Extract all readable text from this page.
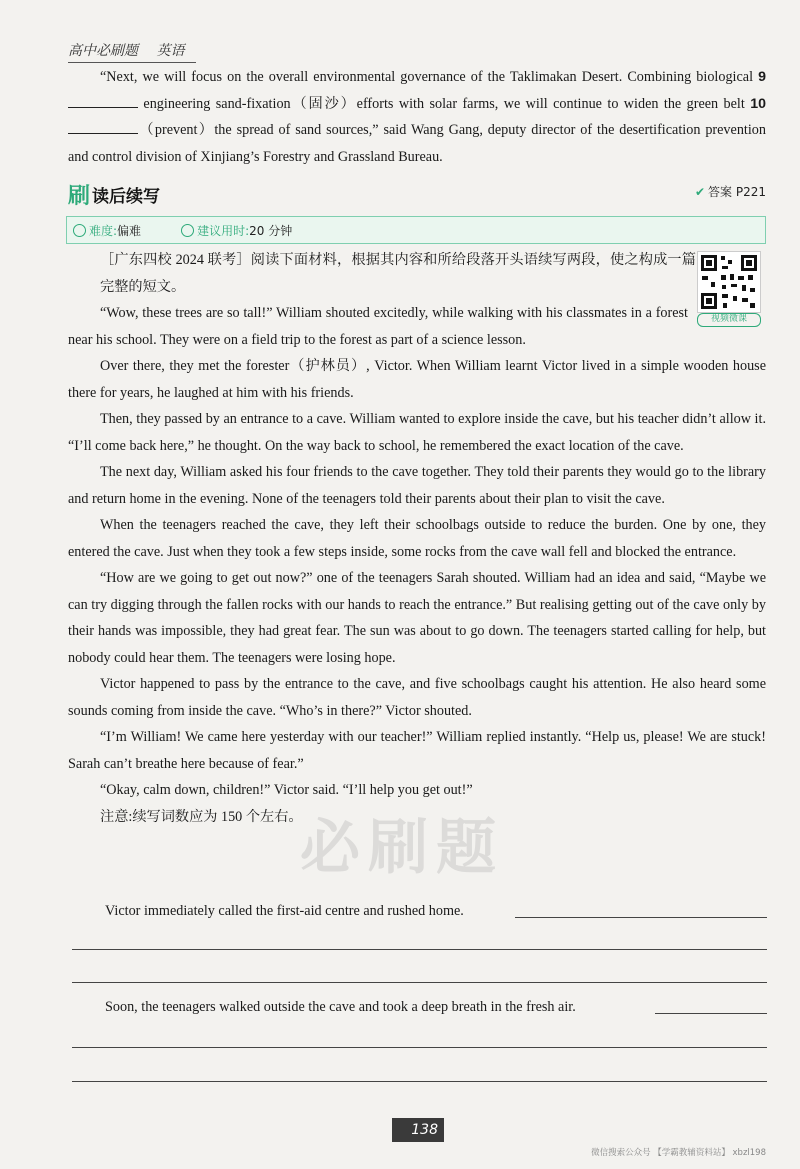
高中必刷题 英语

“Next, we will focus on the overall environmental governance of the Taklimakan Desert. Combining biological 9 engineering sand-fixation（固沙）efforts with solar farms, we will continue to widen the green belt 10（prevent）the spread of sand sources,” said Wang Gang, deputy director of the desertification prevention and control division of Xinjiang’s Forestry and Grassland Bureau.

刷 读后续写	✔ 答案 P221
难度: 偏难	建议用时: 20 分钟
视频微课

［广东四校 2024 联考］阅读下面材料，根据其内容和所给段落开头语续写两段，使之构成一篇完整的短文。

“Wow, these trees are so tall!” William shouted excitedly, while walking with his classmates in a forest near his school. They were on a field trip to the forest as part of a science lesson.

Over there, they met the forester（护林员）, Victor. When William learnt Victor lived in a simple wooden house there for years, he laughed at him with his friends.

Then, they passed by an entrance to a cave. William wanted to explore inside the cave, but his teacher didn’t allow it. “I’ll come back here,” he thought. On the way back to school, he remembered the exact location of the cave.

The next day, William asked his four friends to the cave together. They told their parents they would go to the library and return home in the evening. None of the teenagers told their parents about their plan to visit the cave.

When the teenagers reached the cave, they left their schoolbags outside to reduce the burden. One by one, they entered the cave. Just when they took a few steps inside, some rocks from the cave wall fell and blocked the entrance.

“How are we going to get out now?” one of the teenagers Sarah shouted. William had an idea and said, “Maybe we can try digging through the fallen rocks with our hands to reach the entrance.” But realising getting out of the cave only by their hands was impossible, they had great fear. The sun was about to go down. The teenagers started calling for help, but nobody could hear them. The teenagers were losing hope.

Victor happened to pass by the entrance to the cave, and five schoolbags caught his attention. He also heard some sounds coming from inside the cave. “Who’s in there?” Victor shouted.

“I’m William! We came here yesterday with our teacher!” William replied instantly. “Help us, please! We are stuck! Sarah can’t breathe here because of fear.”

“Okay, calm down, children!” Victor said. “I’ll help you get out!”

注意:续写词数应为 150 个左右。

Victor immediately called the first-aid centre and rushed home.
Soon, the teenagers walked outside the cave and took a deep breath in the fresh air.
必刷题
138
微信搜索公众号 【学霸教辅资料站】 xbzl198
